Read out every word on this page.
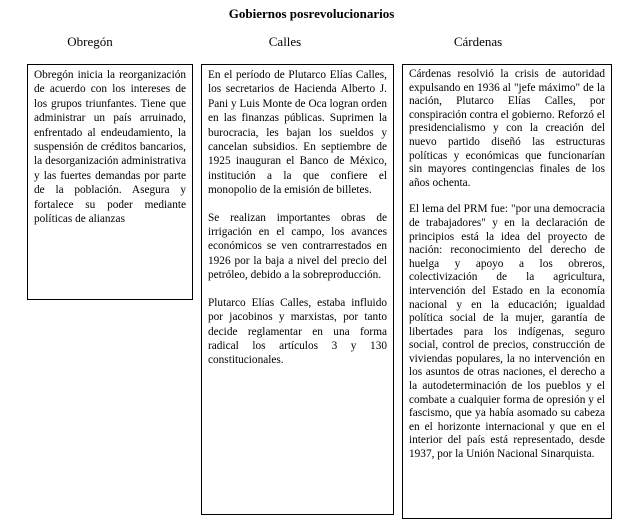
Gobiernos posrevolucionarios
Obregón	Calles	Cárdenas

Obregón inicia la reorganización de acuerdo con los intereses de los grupos triunfantes. Tiene que administrar un país arruinado, enfrentado al endeudamiento, la suspensión de créditos bancarios, la desorganización administrativa y las fuertes demandas por parte de la población. Asegura y fortalece su poder mediante políticas de alianzas

En el período de Plutarco Elías Calles, los secretarios de Hacienda Alberto J. Pani y Luis Monte de Oca logran orden en las finanzas públicas. Suprimen la burocracia, les bajan los sueldos y cancelan subsidios. En septiembre de 1925 inauguran el Banco de México, institución a la que confiere el monopolio de la emisión de billetes.

Se realizan importantes obras de irrigación en el campo, los avances económicos se ven contrarrestados en 1926 por la baja a nivel del precio del petróleo, debido a la sobreproducción.

Plutarco Elías Calles, estaba influido por jacobinos y marxistas, por tanto decide reglamentar en una forma radical los artículos 3 y 130 constitucionales.

Cárdenas resolvió la crisis de autoridad expulsando en 1936 al "jefe máximo" de la nación, Plutarco Elías Calles, por conspiración contra el gobierno. Reforzó el presidencialismo y con la creación del nuevo partido diseñó las estructuras políticas y económicas que funcionarían sin mayores contingencias finales de los años ochenta.

El lema del PRM fue: "por una democracia de trabajadores" y en la declaración de principios está la idea del proyecto de nación: reconocimiento del derecho de huelga y apoyo a los obreros, colectivización de la agricultura, intervención del Estado en la economía nacional y en la educación; igualdad política social de la mujer, garantía de libertades para los indígenas, seguro social, control de precios, construcción de viviendas populares, la no intervención en los asuntos de otras naciones, el derecho a la autodeterminación de los pueblos y el combate a cualquier forma de opresión y el fascismo, que ya había asomado su cabeza en el horizonte internacional y que en el interior del país está representado, desde 1937, por la Unión Nacional Sinarquista.
